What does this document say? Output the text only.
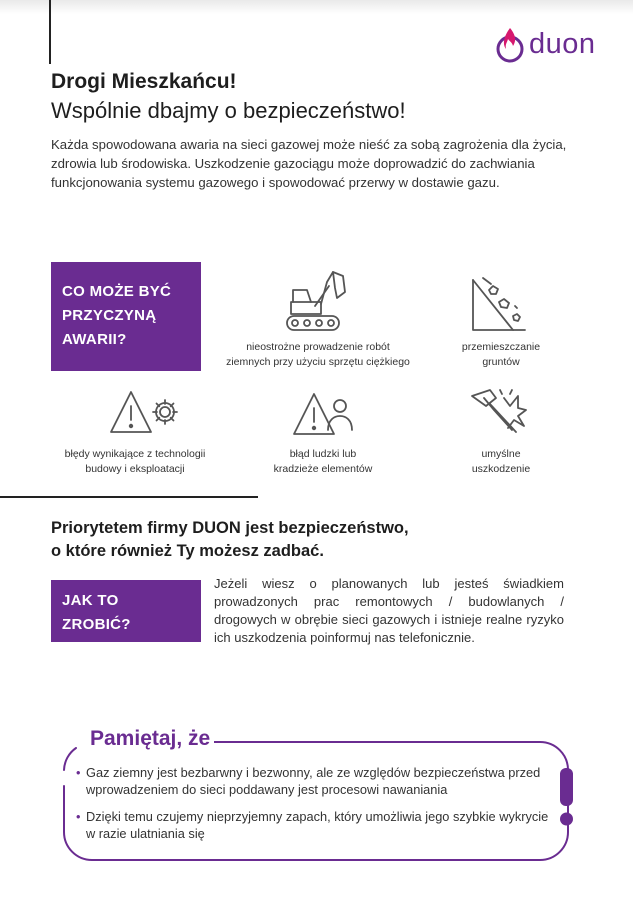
duon
Drogi Mieszkańcu!
Wspólnie dbajmy o bezpieczeństwo!
Każda spowodowana awaria na sieci gazowej może nieść za sobą zagrożenia dla życia, zdrowia lub środowiska. Uszkodzenie gazociągu może doprowadzić do zachwiania funkcjonowania systemu gazowego i spowodować przerwy w dostawie gazu.
CO MOŻE BYĆ
PRZYCZYNĄ
AWARII?	nieostrożne prowadzenie robót
ziemnych przy użyciu sprzętu ciężkiego
przemieszczanie
gruntów
błędy wynikające z technologii
budowy i eksploatacji
błąd ludzki lub
kradzieże elementów
umyślne
uszkodzenie
Priorytetem firmy DUON jest bezpieczeństwo,
o które również Ty możesz zadbać.
JAK TO
ZROBIĆ?
Jeżeli wiesz o planowanych lub jesteś świadkiem prowadzonych prac remontowych / budowlanych / drogowych w obrębie sieci gazowych i istnieje realne ryzyko ich uszkodzenia poinformuj nas telefonicznie.
Pamiętaj, że
• Gaz ziemny jest bezbarwny i bezwonny, ale ze względów bezpieczeństwa przed wprowadzeniem do sieci poddawany jest procesowi nawaniania
• Dzięki temu czujemy nieprzyjemny zapach, który umożliwia jego szybkie wykrycie w razie ulatniania się
